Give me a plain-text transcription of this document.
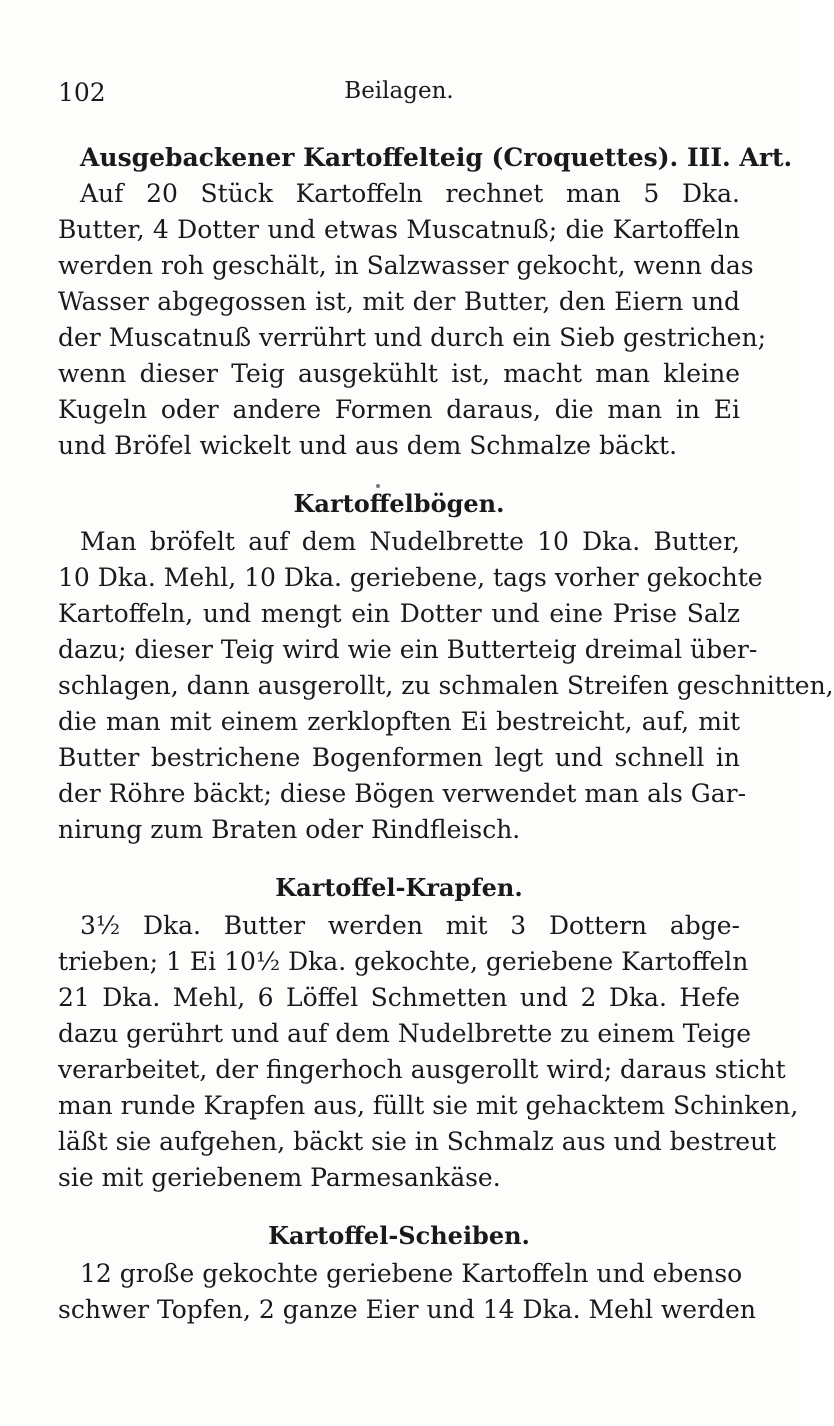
102	Beilagen.
Ausgebackener Kartoffelteig (Croquettes). III. Art.
Auf 20 Stück Kartoffeln rechnet man 5 Dka.
Butter, 4 Dotter und etwas Muscatnuß; die Kartoffeln
werden roh geschält, in Salzwasser gekocht, wenn das
Wasser abgegossen ist, mit der Butter, den Eiern und
der Muscatnuß verrührt und durch ein Sieb gestrichen;
wenn dieser Teig ausgekühlt ist, macht man kleine
Kugeln oder andere Formen daraus, die man in Ei
und Bröfel wickelt und aus dem Schmalze bäckt.
Kartoffelbögen.
Man bröfelt auf dem Nudelbrette 10 Dka. Butter,
10 Dka. Mehl, 10 Dka. geriebene, tags vorher gekochte
Kartoffeln, und mengt ein Dotter und eine Prise Salz
dazu; dieser Teig wird wie ein Butterteig dreimal über-
schlagen, dann ausgerollt, zu schmalen Streifen geschnitten,
die man mit einem zerklopften Ei bestreicht, auf, mit
Butter bestrichene Bogenformen legt und schnell in
der Röhre bäckt; diese Bögen verwendet man als Gar-
nirung zum Braten oder Rindfleisch.
Kartoffel-Krapfen.
3½ Dka. Butter werden mit 3 Dottern abge-
trieben; 1 Ei 10½ Dka. gekochte, geriebene Kartoffeln
21 Dka. Mehl, 6 Löffel Schmetten und 2 Dka. Hefe
dazu gerührt und auf dem Nudelbrette zu einem Teige
verarbeitet, der fingerhoch ausgerollt wird; daraus sticht
man runde Krapfen aus, füllt sie mit gehacktem Schinken,
läßt sie aufgehen, bäckt sie in Schmalz aus und bestreut
sie mit geriebenem Parmesankäse.
Kartoffel-Scheiben.
12 große gekochte geriebene Kartoffeln und ebenso
schwer Topfen, 2 ganze Eier und 14 Dka. Mehl werden
